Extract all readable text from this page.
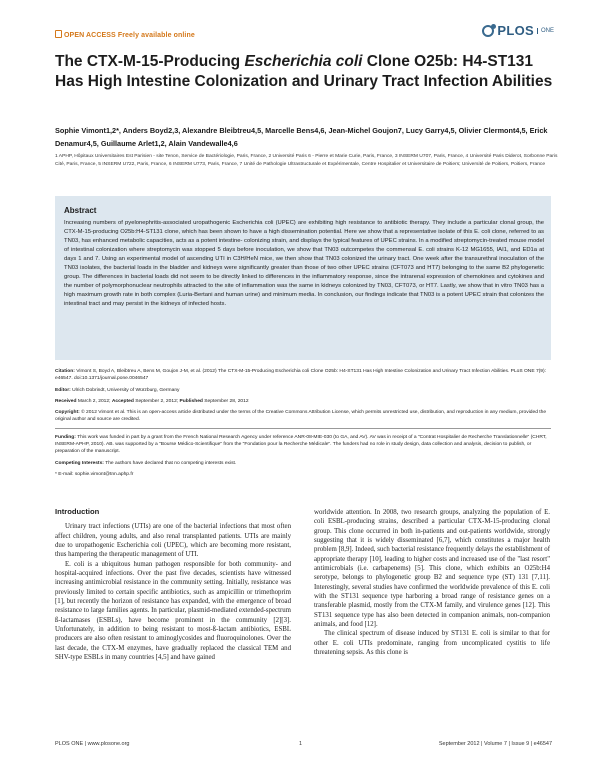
OPEN ACCESS Freely available online	PLOS	ONE
The CTX-M-15-Producing Escherichia coli Clone O25b: H4-ST131 Has High Intestine Colonization and Urinary Tract Infection Abilities
Sophie Vimont1,2*, Anders Boyd2,3, Alexandre Bleibtreu4,5, Marcelle Bens4,6, Jean-Michel Goujon7, Lucy Garry4,5, Olivier Clermont4,5, Erick Denamur4,5, Guillaume Arlet1,2, Alain Vandewalle4,6
1 APHP, Hôpitaux Universitaires Est Parisien - site Tenon, Service de Bactériologie, Paris, France, 2 Université Paris 6 - Pierre et Marie Curie, Paris, France, 3 INSERM U707, Paris, France, 4 Université Paris Diderot, Sorbonne Paris Cité, Paris, France, 5 INSERM U722, Paris, France, 6 INSERM U773, Paris, France, 7 Unité de Pathologie Ultrastructurale et Expérimentale, Centre Hospitalier et Universitaire de Poitiers; Université de Poitiers, Poitiers, France
Abstract

Increasing numbers of pyelonephritis-associated uropathogenic Escherichia coli (UPEC) are exhibiting high resistance to antibiotic therapy. They include a particular clonal group, the CTX-M-15-producing O25b:H4-ST131 clone, which has been shown to have a high dissemination potential. Here we show that a representative isolate of this E. coli clone, referred to as TN03, has enhanced metabolic capacities, acts as a potent intestine- colonizing strain, and displays the typical features of UPEC strains. In a modified streptomycin-treated mouse model of intestinal colonization where streptomycin was stopped 5 days before inoculation, we show that TN03 outcompetes the commensal E. coli strains K-12 MG1655, IAI1, and ED1a at days 1 and 7. Using an experimental model of ascending UTI in C3H/HeN mice, we then show that TN03 colonized the urinary tract. One week after the transurethral inoculation of the TN03 isolates, the bacterial loads in the bladder and kidneys were significantly greater than those of two other UPEC strains (CFT073 and HT7) belonging to the same B2 phylogenetic group. The differences in bacterial loads did not seem to be directly linked to differences in the inflammatory response, since the intrarenal expression of chemokines and cytokines and the number of polymorphonuclear neutrophils attracted to the site of inflammation was the same in kidneys colonized by TN03, CFT073, or HT7. Lastly, we show that in vitro TN03 has a high maximum growth rate in both complex (Luria-Bertani and human urine) and minimum media. In conclusion, our findings indicate that TN03 is a potent UPEC strain that colonizes the intestinal tract and may persist in the kidneys of infected hosts.

Citation: Vimont S, Boyd A, Bleibtreu A, Bens M, Goujon J-M, et al. (2012) The CTX-M-15-Producing Escherichia coli Clone O25b: H4-ST131 Has High Intestine Colonization and Urinary Tract Infection Abilities. PLoS ONE 7(9): e46547. doi:10.1371/journal.pone.0046547
Editor: Ulrich Dobrindt, University of Würzburg, Germany
Received March 2, 2012; Accepted September 2, 2012; Published September 28, 2012
Copyright: © 2012 Vimont et al. This is an open-access article distributed under the terms of the Creative Commons Attribution License, which permits unrestricted use, distribution, and reproduction in any medium, provided the original author and source are credited.
Funding: This work was funded in part by a grant from the French National Research Agency under reference ANR-08-MIE-030 (to GA, and AV). AV was in receipt of a "Contrat Hospitalier de Recherche Translationnelle" (CHRT, INSERM-APHP, 2010). AB. was supported by a "Bourse Médico-Scientifique" from the "Fondation pour la Recherche Médicale". The funders had no role in study design, data collection and analysis, decision to publish, or preparation of the manuscript.
Competing Interests: The authors have declared that no competing interests exist.
* E-mail: sophie.vimont@tnn.aphp.fr
Introduction

Urinary tract infections (UTIs) are one of the bacterial infections that most often affect children, young adults, and also renal transplanted patients. UTIs are mainly due to uropathogenic Escherichia coli (UPEC), which are becoming more resistant, thus hampering the therapeutic management of UTI.

E. coli is a ubiquitous human pathogen responsible for both community- and hospital-acquired infections. Over the past five decades, scientists have witnessed increasing antimicrobial resistance in the community setting. Initially, resistance was previously limited to certain specific antibiotics, such as ampicillin or trimethoprim [1], but recently the horizon of resistance has expanded, with the emergence of broad resistance to large families agents. In particular, plasmid-mediated extended-spectrum ß-lactamases (ESBLs), have become prominent in the community [2][3]. Unfortunately, in addition to being resistant to most-ß-lactam antibiotics, ESBL producers are also often resistant to aminoglycosides and fluoroquinolones. Over the last decade, the CTX-M enzymes, have gradually replaced the classical TEM and SHV-type ESBLs in many countries [4,5] and have gained

worldwide attention. In 2008, two research groups, analyzing the population of E. coli ESBL-producing strains, described a particular CTX-M-15-producing clonal group. This clone occurred in both in-patients and out-patients worldwide, strongly suggesting that it is widely disseminated [6,7], which constitutes a major health problem [8,9]. Indeed, such bacterial resistance frequently delays the establishment of appropriate therapy [10], leading to higher costs and increased use of the "last resort" antimicrobials (i.e. carbapenems) [5]. This clone, which exhibits an O25b:H4 serotype, belongs to phylogenetic group B2 and sequence type (ST) 131 [7,11]. Interestingly, several studies have confirmed the worldwide prevalence of this E. coli with the ST131 sequence type harboring a broad range of resistance genes on a transferable plasmid, mostly from the CTX-M family, and virulence genes [12]. This ST131 sequence type has also been detected in companion animals, non-companion animals, and food [12].

The clinical spectrum of disease induced by ST131 E. coli is similar to that for other E. coli UTIs predominate, ranging from uncomplicated cystitis to life threatening sepsis. As this clone is

PLOS ONE | www.plosone.org	1	September 2012 | Volume 7 | Issue 9 | e46547
